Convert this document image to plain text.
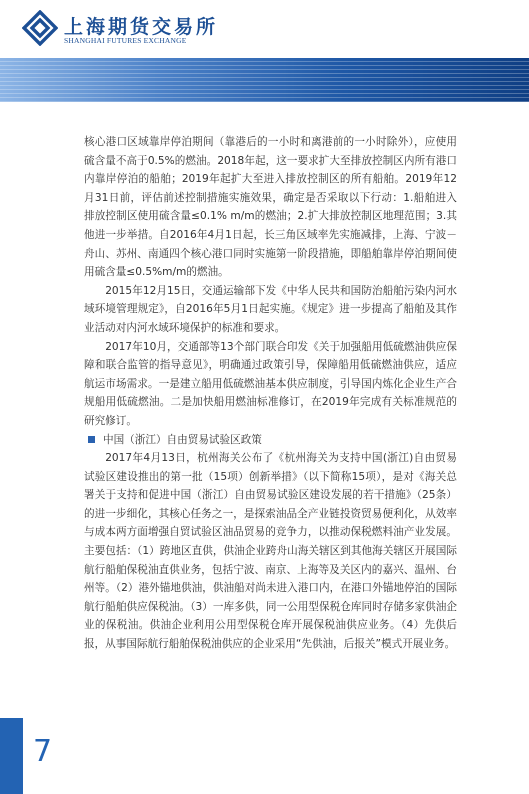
上海期货交易所
SHANGHAI FUTURES EXCHANGE

核心港口区域靠岸停泊期间（靠港后的一小时和离港前的一小时除外），应使用硫含量不高于0.5%的燃油。2018年起，这一要求扩大至排放控制区内所有港口内靠岸停泊的船舶；2019年起扩大至进入排放控制区的所有船舶。2019年12月31日前，评估前述控制措施实施效果，确定是否采取以下行动：1.船舶进入排放控制区使用硫含量≤0.1% m/m的燃油；2.扩大排放控制区地理范围；3.其他进一步举措。自2016年4月1日起，长三角区域率先实施减排，上海、宁波－舟山、苏州、南通四个核心港口同时实施第一阶段措施，即船舶靠岸停泊期间使用硫含量≤0.5%m/m的燃油。

2015年12月15日，交通运输部下发《中华人民共和国防治船舶污染内河水域环境管理规定》，自2016年5月1日起实施。《规定》进一步提高了船舶及其作业活动对内河水域环境保护的标准和要求。

2017年10月，交通部等13个部门联合印发《关于加强船用低硫燃油供应保障和联合监管的指导意见》，明确通过政策引导，保障船用低硫燃油供应，适应航运市场需求。一是建立船用低硫燃油基本供应制度，引导国内炼化企业生产合规船用低硫燃油。二是加快船用燃油标准修订，在2019年完成有关标准规范的研究修订。

中国（浙江）自由贸易试验区政策

2017年4月13日，杭州海关公布了《杭州海关为支持中国(浙江)自由贸易试验区建设推出的第一批（15项）创新举措》（以下简称15项），是对《海关总署关于支持和促进中国（浙江）自由贸易试验区建设发展的若干措施》（25条）的进一步细化，其核心任务之一，是探索油品全产业链投资贸易便利化，从效率与成本两方面增强自贸试验区油品贸易的竞争力，以推动保税燃料油产业发展。主要包括：（1）跨地区直供，供油企业跨舟山海关辖区到其他海关辖区开展国际航行船舶保税油直供业务，包括宁波、南京、上海等及关区内的嘉兴、温州、台州等。（2）港外锚地供油，供油船对尚未进入港口内，在港口外锚地停泊的国际航行船舶供应保税油。（3）一库多供，同一公用型保税仓库同时存储多家供油企业的保税油。供油企业利用公用型保税仓库开展保税油供应业务。（4）先供后报，从事国际航行船舶保税油供应的企业采用“先供油，后报关”模式开展业务。

7
